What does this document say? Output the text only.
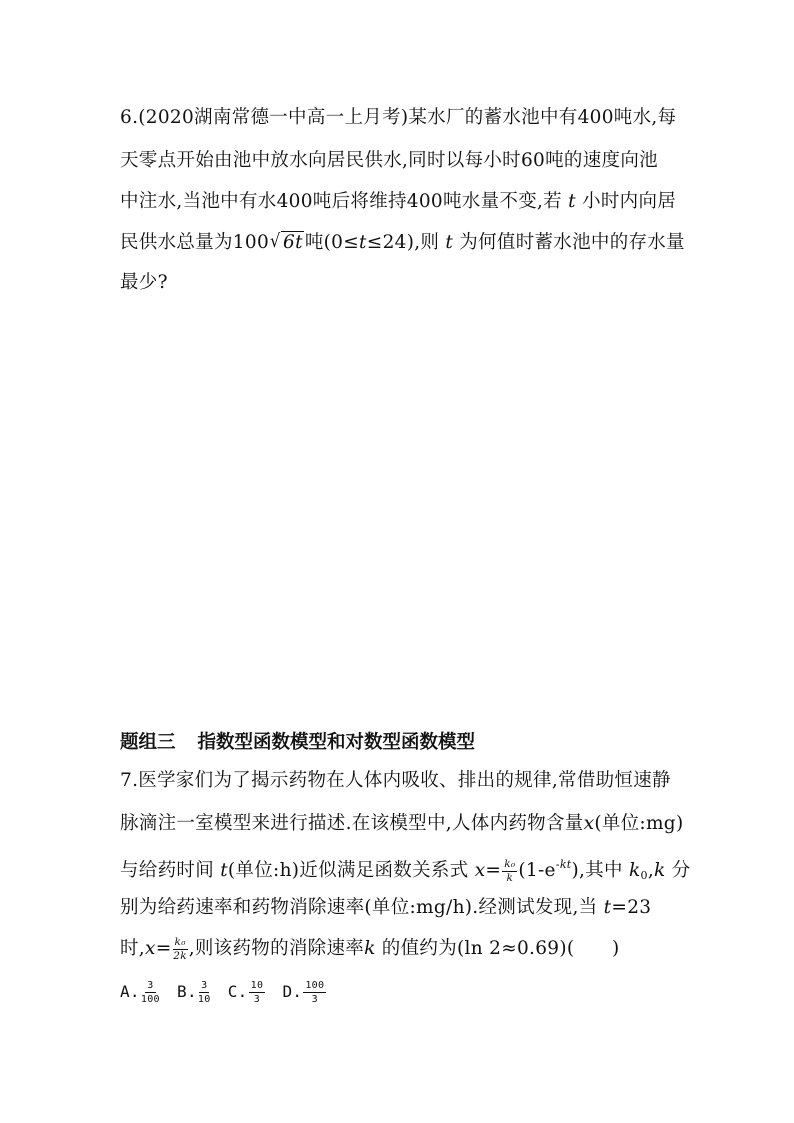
6.(2020湖南常德一中高一上月考)某水厂的蓄水池中有400吨水,每
天零点开始由池中放水向居民供水,同时以每小时60吨的速度向池
中注水,当池中有水400吨后将维持400吨水量不变,若 t 小时内向居
民供水总量为100 √ 6t 吨(0≤t≤24),则 t 为何值时蓄水池中的存水量
最少?
题组三 指数型函数模型和对数型函数模型
7.医学家们为了揭示药物在人体内吸收、排出的规律,常借助恒速静
脉滴注一室模型来进行描述.在该模型中,人体内药物含量x(单位:mg)
与给药时间 t(单位:h)近似满足函数关系式 $x= \frac{\text{k₀}}{k} (1-e^{-kt})$,其中 $k_0,k$ 分
别为给药速率和药物消除速率(单位:mg/h).经测试发现,当 t=23
时$,x= \frac{\text{k₀}}{2k}$ ,则该药物的消除速率k 的值约为(ln 2≈0.69)(　　)
A. $\frac{3}{100} B$. $\frac{3}{10} C$. $\frac{10}{3} D$. $\frac{100}{3}$
